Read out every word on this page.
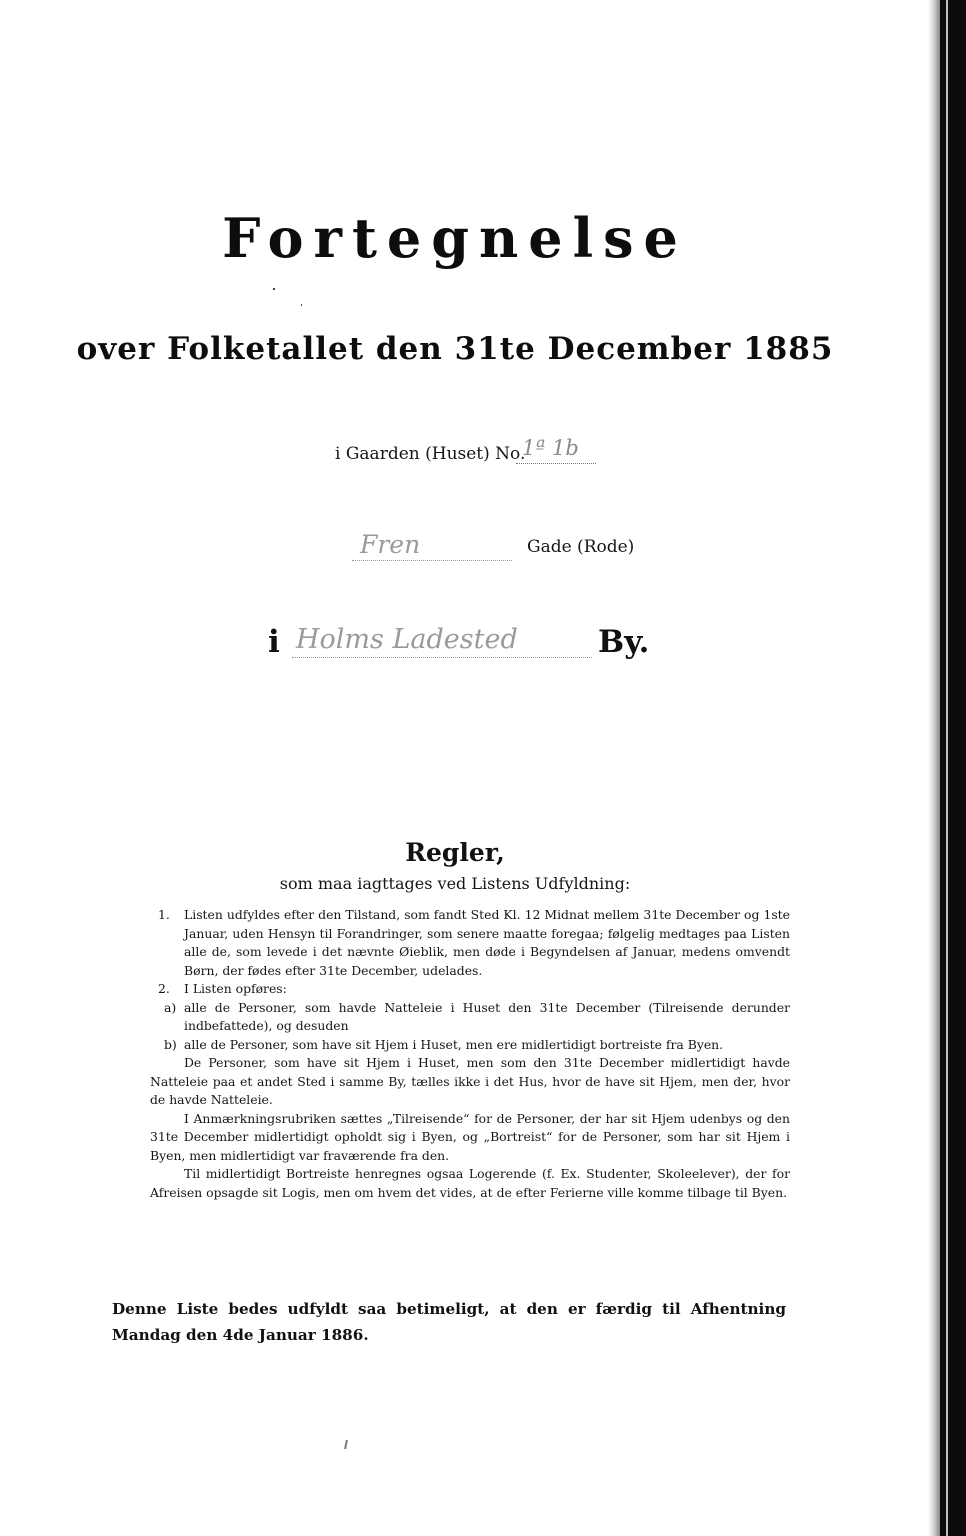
Fortegnelse
over Folketallet den 31te December 1885
i Gaarden (Huset) No.
1ª 1b
Fren	Gade (Rode)
i Holms Ladested	By.
Regler,
som maa iagttages ved Listens Udfyldning:
1. Listen udfyldes efter den Tilstand, som fandt Sted Kl. 12 Midnat mellem 31te December og 1ste Januar, uden Hensyn til Forandringer, som senere maatte foregaa; følgelig medtages paa Listen alle de, som levede i det nævnte Øieblik, men døde i Begyndelsen af Januar, medens omvendt Børn, der fødes efter 31te December, udelades.
2. I Listen opføres:
a) alle de Personer, som havde Natteleie i Huset den 31te December (Tilreisende derunder indbefattede), og desuden
b) alle de Personer, som have sit Hjem i Huset, men ere midlertidigt bortreiste fra Byen.
De Personer, som have sit Hjem i Huset, men som den 31te December midlertidigt havde Natteleie paa et andet Sted i samme By, tælles ikke i det Hus, hvor de have sit Hjem, men der, hvor de havde Natteleie.
I Anmærkningsrubriken sættes „Tilreisende“ for de Personer, der har sit Hjem udenbys og den 31te December midlertidigt opholdt sig i Byen, og „Bortreist“ for de Personer, som har sit Hjem i Byen, men midlertidigt var fraværende fra den.
Til midlertidigt Bortreiste henregnes ogsaa Logerende (f. Ex. Studenter, Skoleelever), der for Afreisen opsagde sit Logis, men om hvem det vides, at de efter Ferierne ville komme tilbage til Byen.
Denne Liste bedes udfyldt saa betimeligt, at den er færdig til Afhentning Mandag den 4de Januar 1886.
